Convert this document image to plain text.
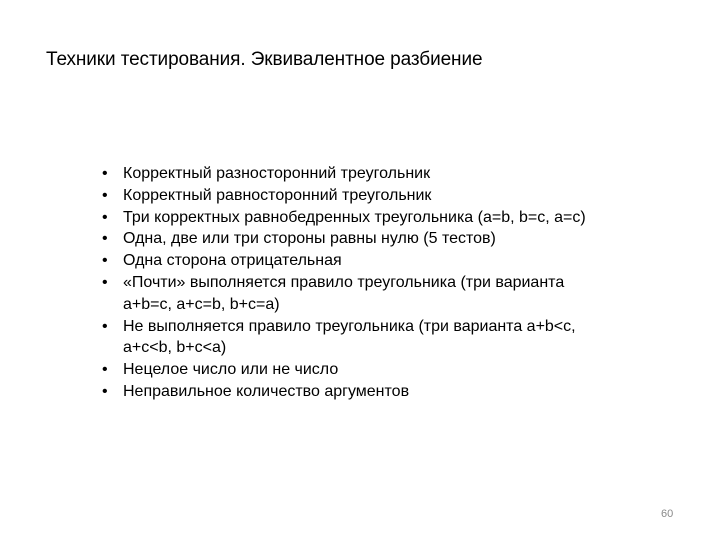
Техники тестирования. Эквивалентное разбиение
• Корректный разносторонний треугольник
• Корректный равносторонний треугольник
• Три корректных равнобедренных треугольника (a=b, b=c, a=c)
• Одна, две или три стороны равны нулю (5 тестов)
• Одна сторона отрицательная
• «Почти» выполняется правило треугольника (три варианта a+b=c, a+c=b, b+c=a)
• Не выполняется правило треугольника (три варианта a+b<c, a+c<b, b+c<a)
• Нецелое число или не число
• Неправильное количество аргументов
60
